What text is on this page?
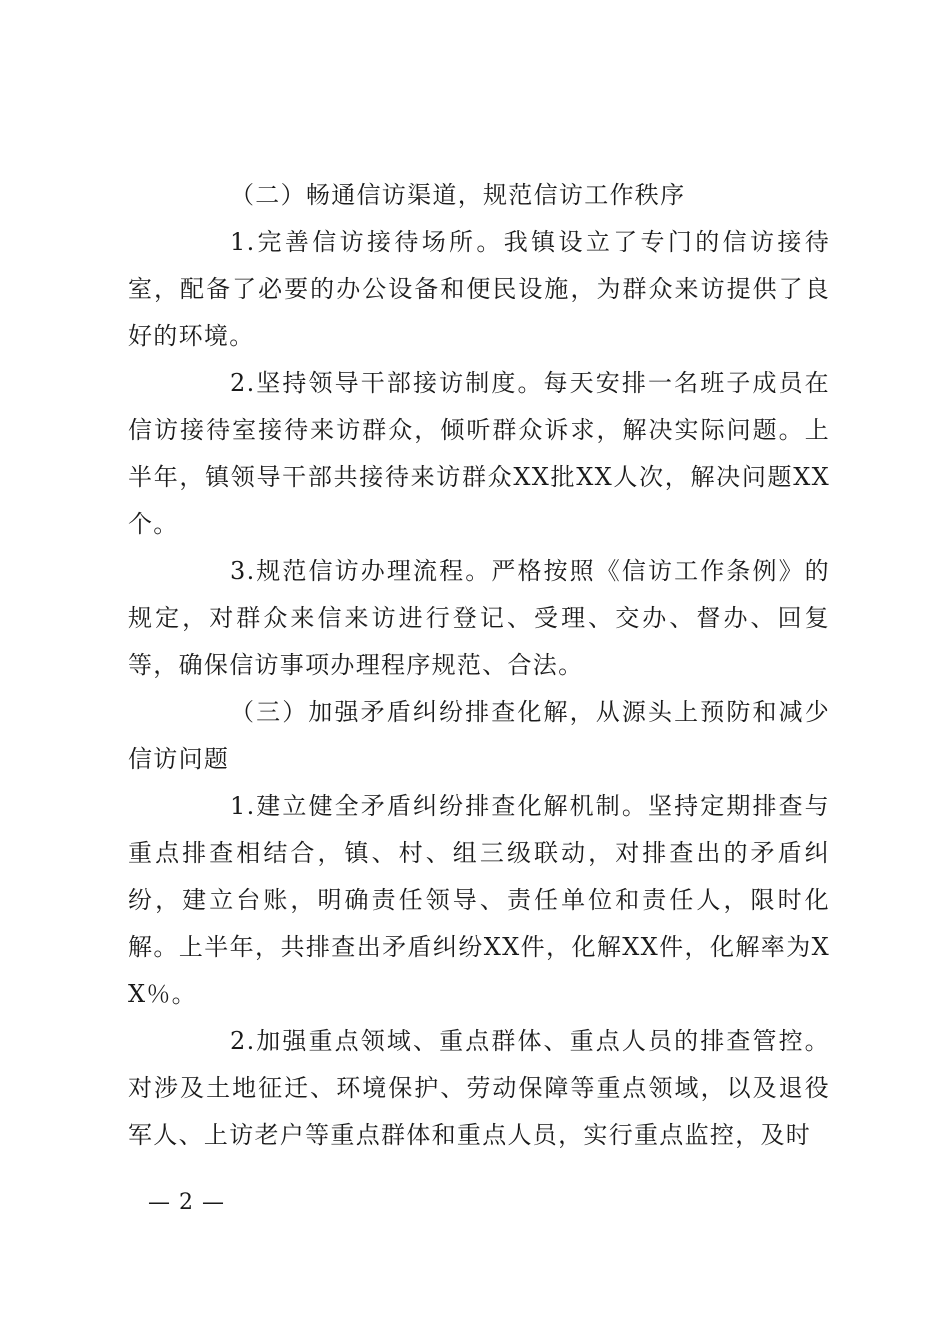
（二）畅通信访渠道，规范信访工作秩序

1.完善信访接待场所。我镇设立了专门的信访接待室，配备了必要的办公设备和便民设施，为群众来访提供了良好的环境。

2.坚持领导干部接访制度。每天安排一名班子成员在信访接待室接待来访群众，倾听群众诉求，解决实际问题。上半年，镇领导干部共接待来访群众XX批XX人次，解决问题XX个。

3.规范信访办理流程。严格按照《信访工作条例》的规定，对群众来信来访进行登记、受理、交办、督办、回复等，确保信访事项办理程序规范、合法。

（三）加强矛盾纠纷排查化解，从源头上预防和减少信访问题

1.建立健全矛盾纠纷排查化解机制。坚持定期排查与重点排查相结合，镇、村、组三级联动，对排查出的矛盾纠纷，建立台账，明确责任领导、责任单位和责任人，限时化解。上半年，共排查出矛盾纠纷XX件，化解XX件，化解率为XX％。

2.加强重点领域、重点群体、重点人员的排查管控。对涉及土地征迁、环境保护、劳动保障等重点领域，以及退役军人、上访老户等重点群体和重点人员，实行重点监控，及时

— 2 —
